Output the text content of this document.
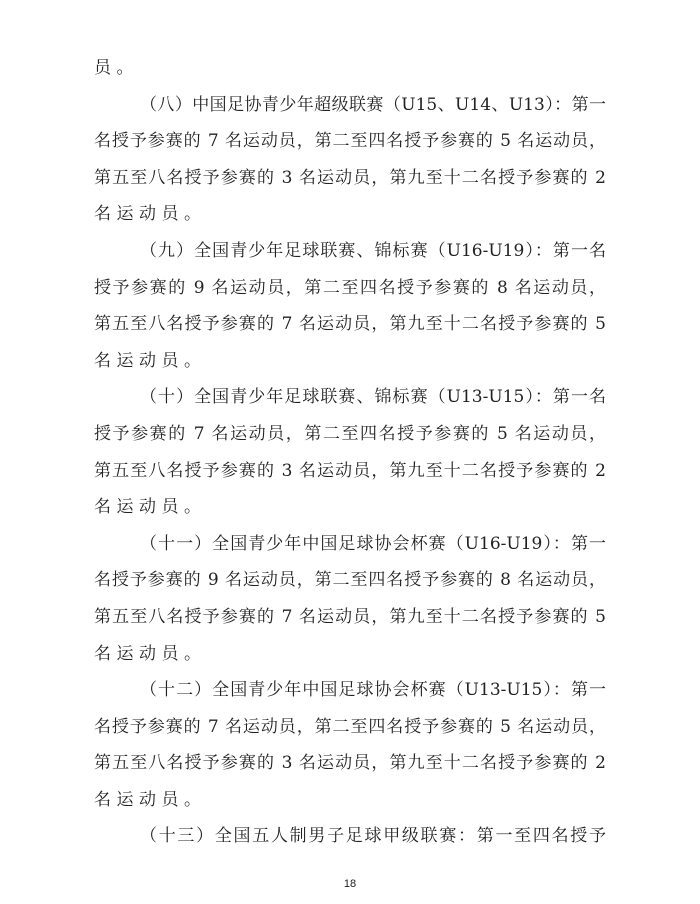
员。
（八）中国足协青少年超级联赛（U15、U14、U13）：第一
名授予参赛的 7 名运动员，第二至四名授予参赛的 5 名运动员，
第五至八名授予参赛的 3 名运动员，第九至十二名授予参赛的 2
名运动员。
（九）全国青少年足球联赛、锦标赛（U16-U19）：第一名
授予参赛的 9 名运动员，第二至四名授予参赛的 8 名运动员，
第五至八名授予参赛的 7 名运动员，第九至十二名授予参赛的 5
名运动员。
（十）全国青少年足球联赛、锦标赛（U13-U15）：第一名
授予参赛的 7 名运动员，第二至四名授予参赛的 5 名运动员，
第五至八名授予参赛的 3 名运动员，第九至十二名授予参赛的 2
名运动员。
（十一）全国青少年中国足球协会杯赛（U16-U19）：第一
名授予参赛的 9 名运动员，第二至四名授予参赛的 8 名运动员，
第五至八名授予参赛的 7 名运动员，第九至十二名授予参赛的 5
名运动员。
（十二）全国青少年中国足球协会杯赛（U13-U15）：第一
名授予参赛的 7 名运动员，第二至四名授予参赛的 5 名运动员，
第五至八名授予参赛的 3 名运动员，第九至十二名授予参赛的 2
名运动员。
（十三）全国五人制男子足球甲级联赛：第一至四名授予
18
